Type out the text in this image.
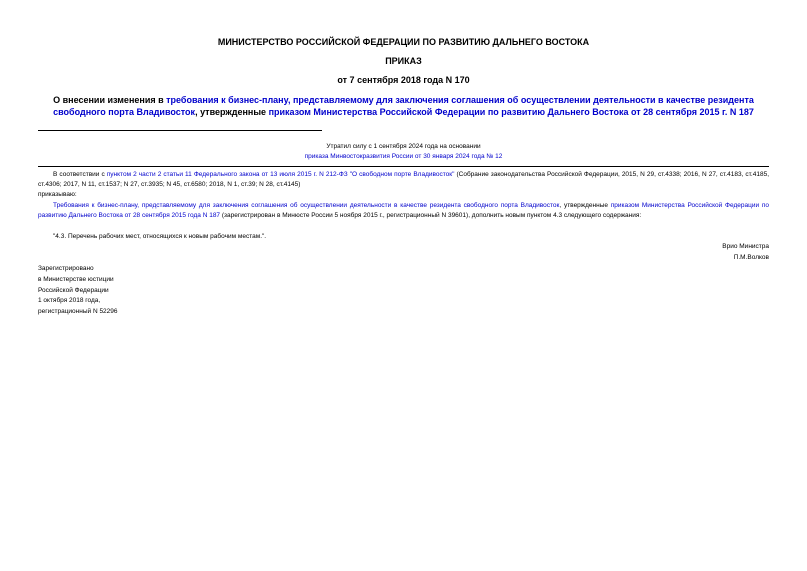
МИНИСТЕРСТВО РОССИЙСКОЙ ФЕДЕРАЦИИ ПО РАЗВИТИЮ ДАЛЬНЕГО ВОСТОКА
ПРИКАЗ
от 7 сентября 2018 года N 170
О внесении изменения в требования к бизнес-плану, представляемому для заключения соглашения об осуществлении деятельности в качестве резидента свободного порта Владивосток, утвержденные приказом Министерства Российской Федерации по развитию Дальнего Востока от 28 сентября 2015 г. N 187
Утратил силу с 1 сентября 2024 года на основании
приказа Минвостокразвития России от 30 января 2024 года № 12
В соответствии с пунктом 2 части 2 статьи 11 Федерального закона от 13 июля 2015 г. N 212-ФЗ "О свободном порте Владивосток" (Собрание законодательства Российской Федерации, 2015, N 29, ст.4338; 2016, N 27, ст.4183, ст.4185, ст.4306; 2017, N 11, ст.1537; N 27, ст.3935; N 45, ст.6580; 2018, N 1, ст.39; N 28, ст.4145)
приказываю:
Требования к бизнес-плану, представляемому для заключения соглашения об осуществлении деятельности в качестве резидента свободного порта Владивосток, утвержденные приказом Министерства Российской Федерации по развитию Дальнего Востока от 28 сентября 2015 года N 187 (зарегистрирован в Минюсте России 5 ноября 2015 г., регистрационный N 39601), дополнить новым пунктом 4.3 следующего содержания:
"4.3. Перечень рабочих мест, относящихся к новым рабочим местам.".
Врио Министра
П.М.Волков
Зарегистрировано
в Министерстве юстиции
Российской Федерации
1 октября 2018 года,
регистрационный N 52296
